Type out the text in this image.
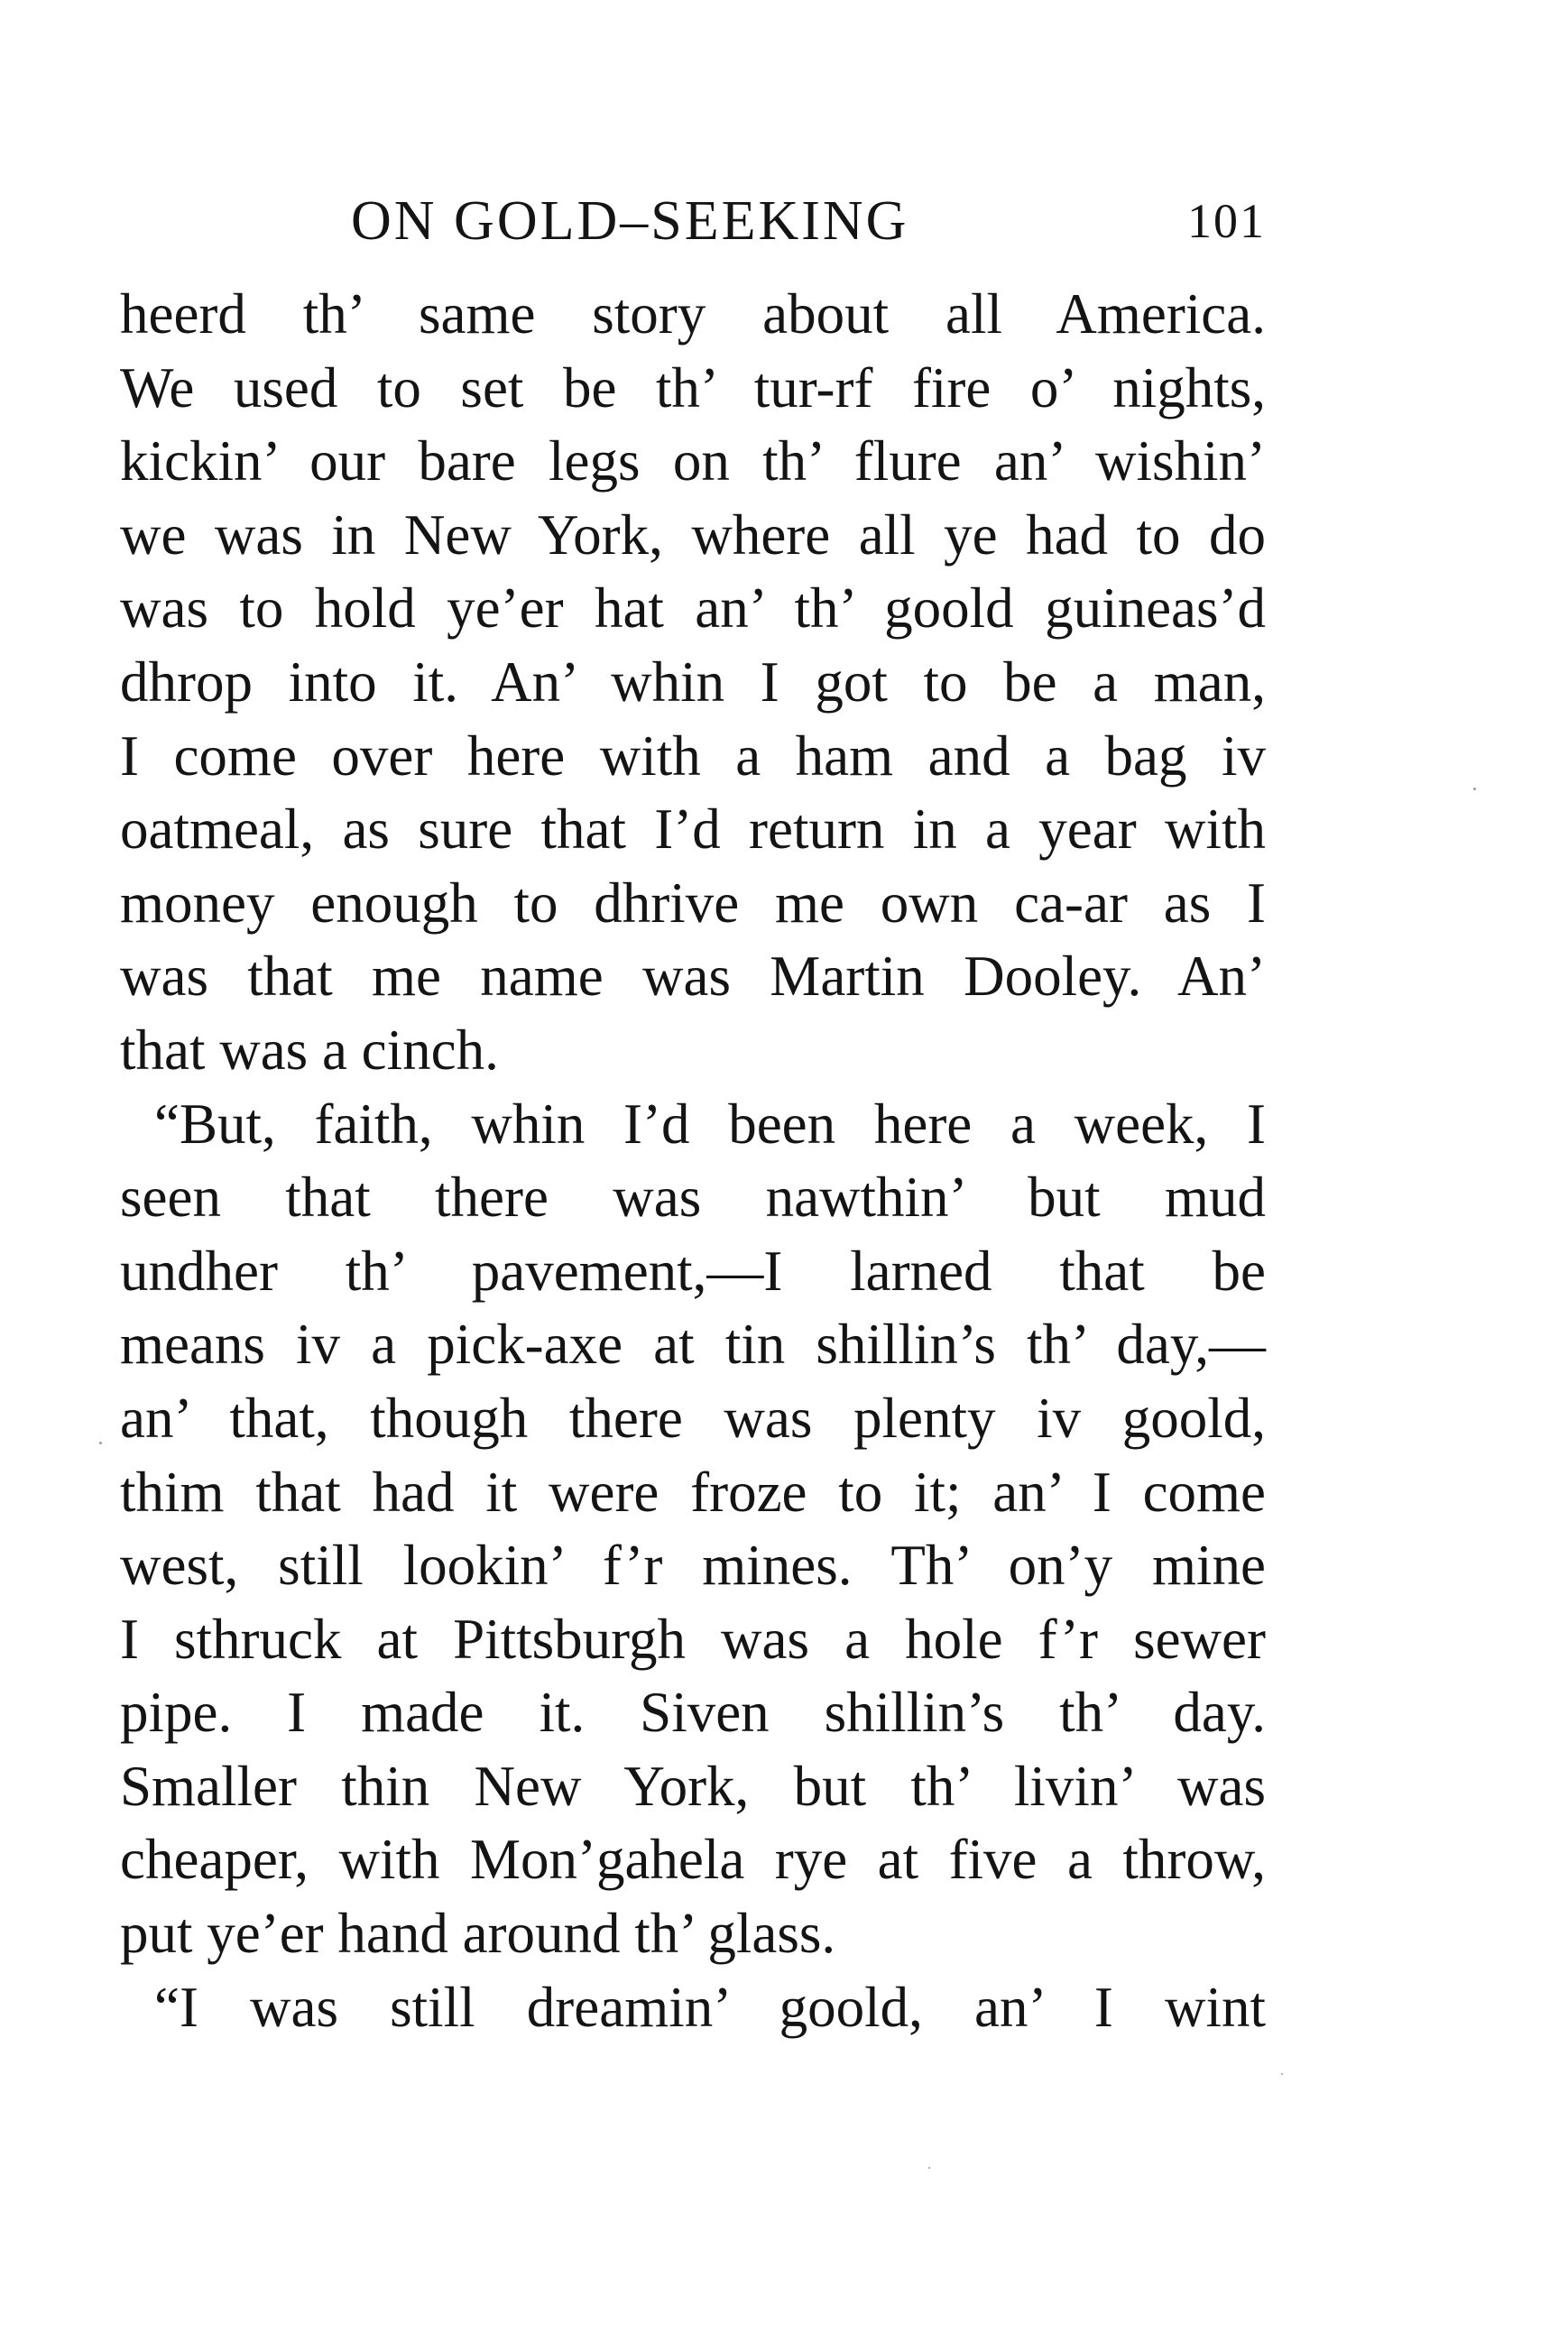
ON GOLD–SEEKING	101
heerd th’ same story about all America.
We used to set be th’ tur-rf fire o’ nights,
kickin’ our bare legs on th’ flure an’ wishin’
we was in New York, where all ye had to do
was to hold ye’er hat an’ th’ goold guineas’d
dhrop into it. An’ whin I got to be a man,
I come over here with a ham and a bag iv
oatmeal, as sure that I’d return in a year with
money enough to dhrive me own ca-ar as I
was that me name was Martin Dooley. An’
that was a cinch.
“But, faith, whin I’d been here a week, I
seen that there was nawthin’ but mud
undher th’ pavement,—I larned that be
means iv a pick-axe at tin shillin’s th’ day,—
an’ that, though there was plenty iv goold,
thim that had it were froze to it; an’ I come
west, still lookin’ f’r mines. Th’ on’y mine
I sthruck at Pittsburgh was a hole f’r sewer
pipe. I made it. Siven shillin’s th’ day.
Smaller thin New York, but th’ livin’ was
cheaper, with Mon’gahela rye at five a throw,
put ye’er hand around th’ glass.
“I was still dreamin’ goold, an’ I wint
